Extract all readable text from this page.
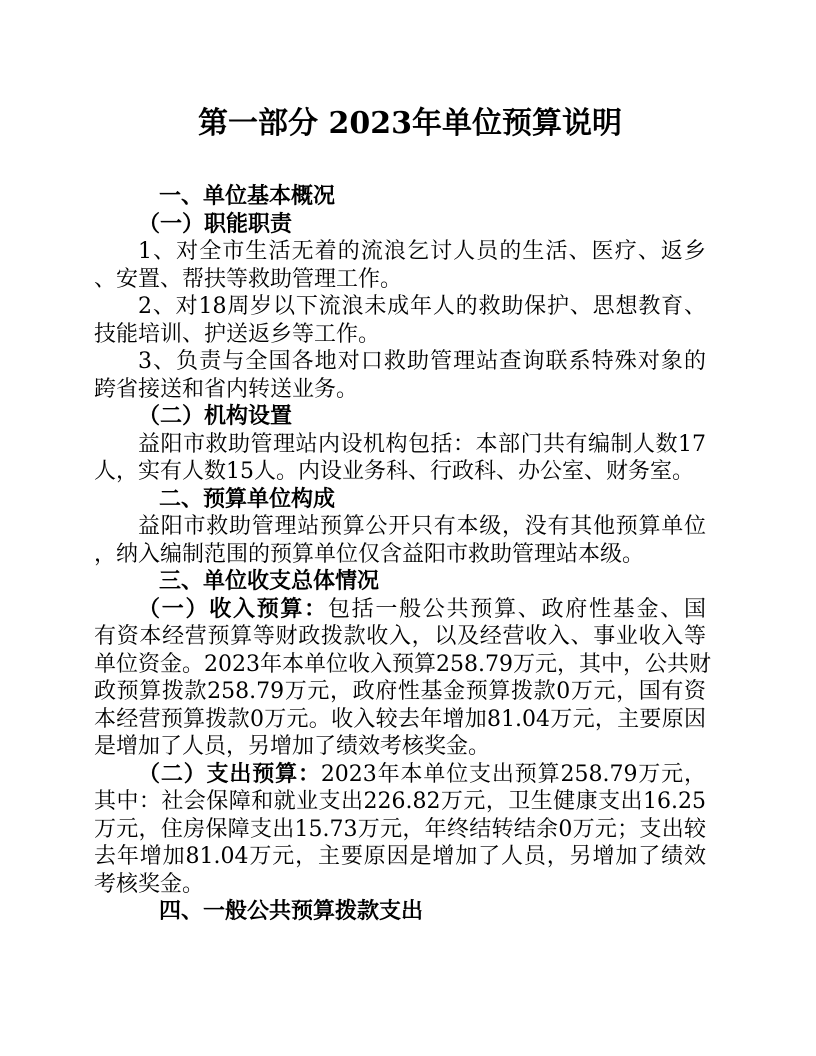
第一部分 2023年单位预算说明
一、单位基本概况
（一）职能职责
1、对全市生活无着的流浪乞讨人员的生活、医疗、返乡
、安置、帮扶等救助管理工作。
2、对18周岁以下流浪未成年人的救助保护、思想教育、
技能培训、护送返乡等工作。
3、负责与全国各地对口救助管理站查询联系特殊对象的
跨省接送和省内转送业务。
（二）机构设置
益阳市救助管理站内设机构包括：本部门共有编制人数17
人，实有人数15人。内设业务科、行政科、办公室、财务室。
二、预算单位构成
益阳市救助管理站预算公开只有本级，没有其他预算单位
，纳入编制范围的预算单位仅含益阳市救助管理站本级。
三、单位收支总体情况
（一）收入预算：包括一般公共预算、政府性基金、国
有资本经营预算等财政拨款收入，以及经营收入、事业收入等
单位资金。2023年本单位收入预算258.79万元，其中，公共财
政预算拨款258.79万元，政府性基金预算拨款0万元，国有资
本经营预算拨款0万元。收入较去年增加81.04万元，主要原因
是增加了人员，另增加了绩效考核奖金。
（二）支出预算：2023年本单位支出预算258.79万元，
其中：社会保障和就业支出226.82万元，卫生健康支出16.25
万元，住房保障支出15.73万元，年终结转结余0万元；支出较
去年增加81.04万元，主要原因是增加了人员，另增加了绩效
考核奖金。
四、一般公共预算拨款支出
